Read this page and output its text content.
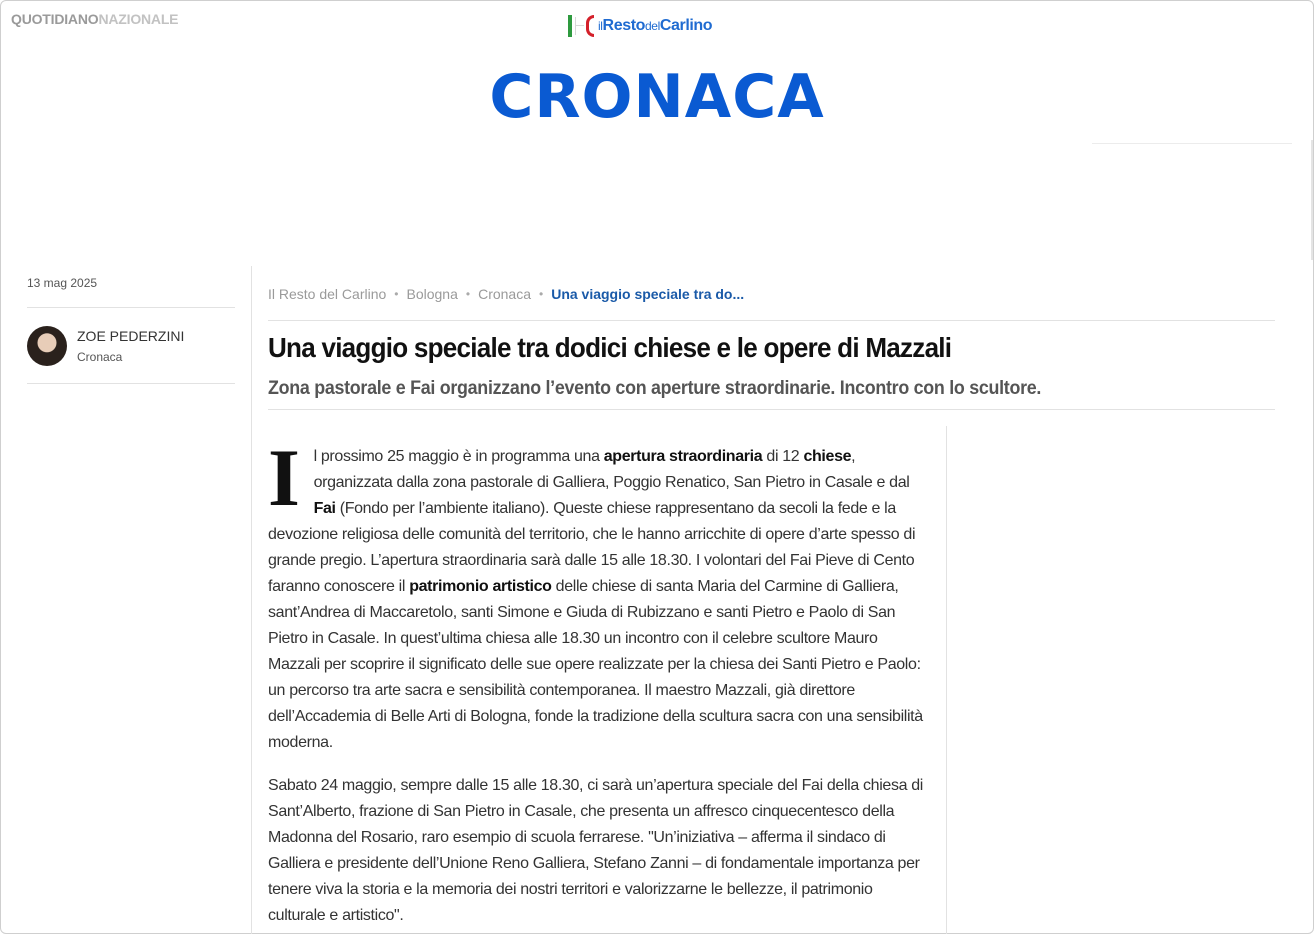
QUOTIDIANONAZIONALE	ilRestodelCarlino
CRONACA
13 mag 2025
ZOE PEDERZINI
Cronaca
Il Resto del Carlino • Bologna • Cronaca • Una viaggio speciale tra do...
Una viaggio speciale tra dodici chiese e le opere di Mazzali
Zona pastorale e Fai organizzano l’evento con aperture straordinarie. Incontro con lo scultore.

Il prossimo 25 maggio è in programma una apertura straordinaria di 12 chiese, organizzata dalla zona pastorale di Galliera, Poggio Renatico, San Pietro in Casale e dal Fai (Fondo per l’ambiente italiano). Queste chiese rappresentano da secoli la fede e la devozione religiosa delle comunità del territorio, che le hanno arricchite di opere d’arte spesso di grande pregio. L’apertura straordinaria sarà dalle 15 alle 18.30. I volontari del Fai Pieve di Cento faranno conoscere il patrimonio artistico delle chiese di santa Maria del Carmine di Galliera, sant’Andrea di Maccaretolo, santi Simone e Giuda di Rubizzano e santi Pietro e Paolo di San Pietro in Casale. In quest’ultima chiesa alle 18.30 un incontro con il celebre scultore Mauro Mazzali per scoprire il significato delle sue opere realizzate per la chiesa dei Santi Pietro e Paolo: un percorso tra arte sacra e sensibilità contemporanea. Il maestro Mazzali, già direttore dell’Accademia di Belle Arti di Bologna, fonde la tradizione della scultura sacra con una sensibilità moderna.

Sabato 24 maggio, sempre dalle 15 alle 18.30, ci sarà un’apertura speciale del Fai della chiesa di Sant’Alberto, frazione di San Pietro in Casale, che presenta un affresco cinquecentesco della Madonna del Rosario, raro esempio di scuola ferrarese. "Un’iniziativa – afferma il sindaco di Galliera e presidente dell’Unione Reno Galliera, Stefano Zanni – di fondamentale importanza per tenere viva la storia e la memoria dei nostri territori e valorizzarne le bellezze, il patrimonio culturale e artistico".
